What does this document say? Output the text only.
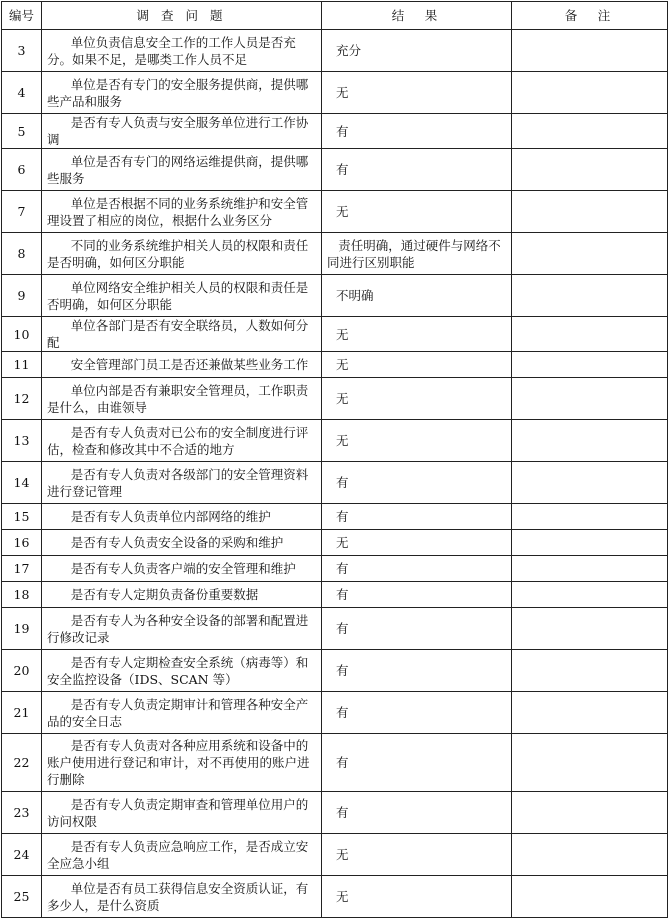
编号	调 查 问 题	结　果	备　注
3	单位负责信息安全工作的工作人员是否充分。如果不足，是哪类工作人员不足	充分	
4	单位是否有专门的安全服务提供商，提供哪些产品和服务	无	
5	是否有专人负责与安全服务单位进行工作协调	有	
6	单位是否有专门的网络运维提供商，提供哪些服务	有	
7	单位是否根据不同的业务系统维护和安全管理设置了相应的岗位，根据什么业务区分	无	
8	不同的业务系统维护相关人员的权限和责任是否明确，如何区分职能	责任明确，通过硬件与网络不同进行区别职能	
9	单位网络安全维护相关人员的权限和责任是否明确，如何区分职能	不明确	
10	单位各部门是否有安全联络员，人数如何分配	无	
11	安全管理部门员工是否还兼做某些业务工作	无	
12	单位内部是否有兼职安全管理员，工作职责是什么，由谁领导	无	
13	是否有专人负责对已公布的安全制度进行评估，检查和修改其中不合适的地方	无	
14	是否有专人负责对各级部门的安全管理资料进行登记管理	有	
15	是否有专人负责单位内部网络的维护	有	
16	是否有专人负责安全设备的采购和维护	无	
17	是否有专人负责客户端的安全管理和维护	有	
18	是否有专人定期负责备份重要数据	有	
19	是否有专人为各种安全设备的部署和配置进行修改记录	有	
20	是否有专人定期检查安全系统（病毒等）和安全监控设备（IDS、SCAN 等）	有	
21	是否有专人负责定期审计和管理各种安全产品的安全日志	有	
22	是否有专人负责对各种应用系统和设备中的账户使用进行登记和审计，对不再使用的账户进行删除	有	
23	是否有专人负责定期审查和管理单位用户的访问权限	有	
24	是否有专人负责应急响应工作，是否成立安全应急小组	无	
25	单位是否有员工获得信息安全资质认证，有多少人，是什么资质	无	
